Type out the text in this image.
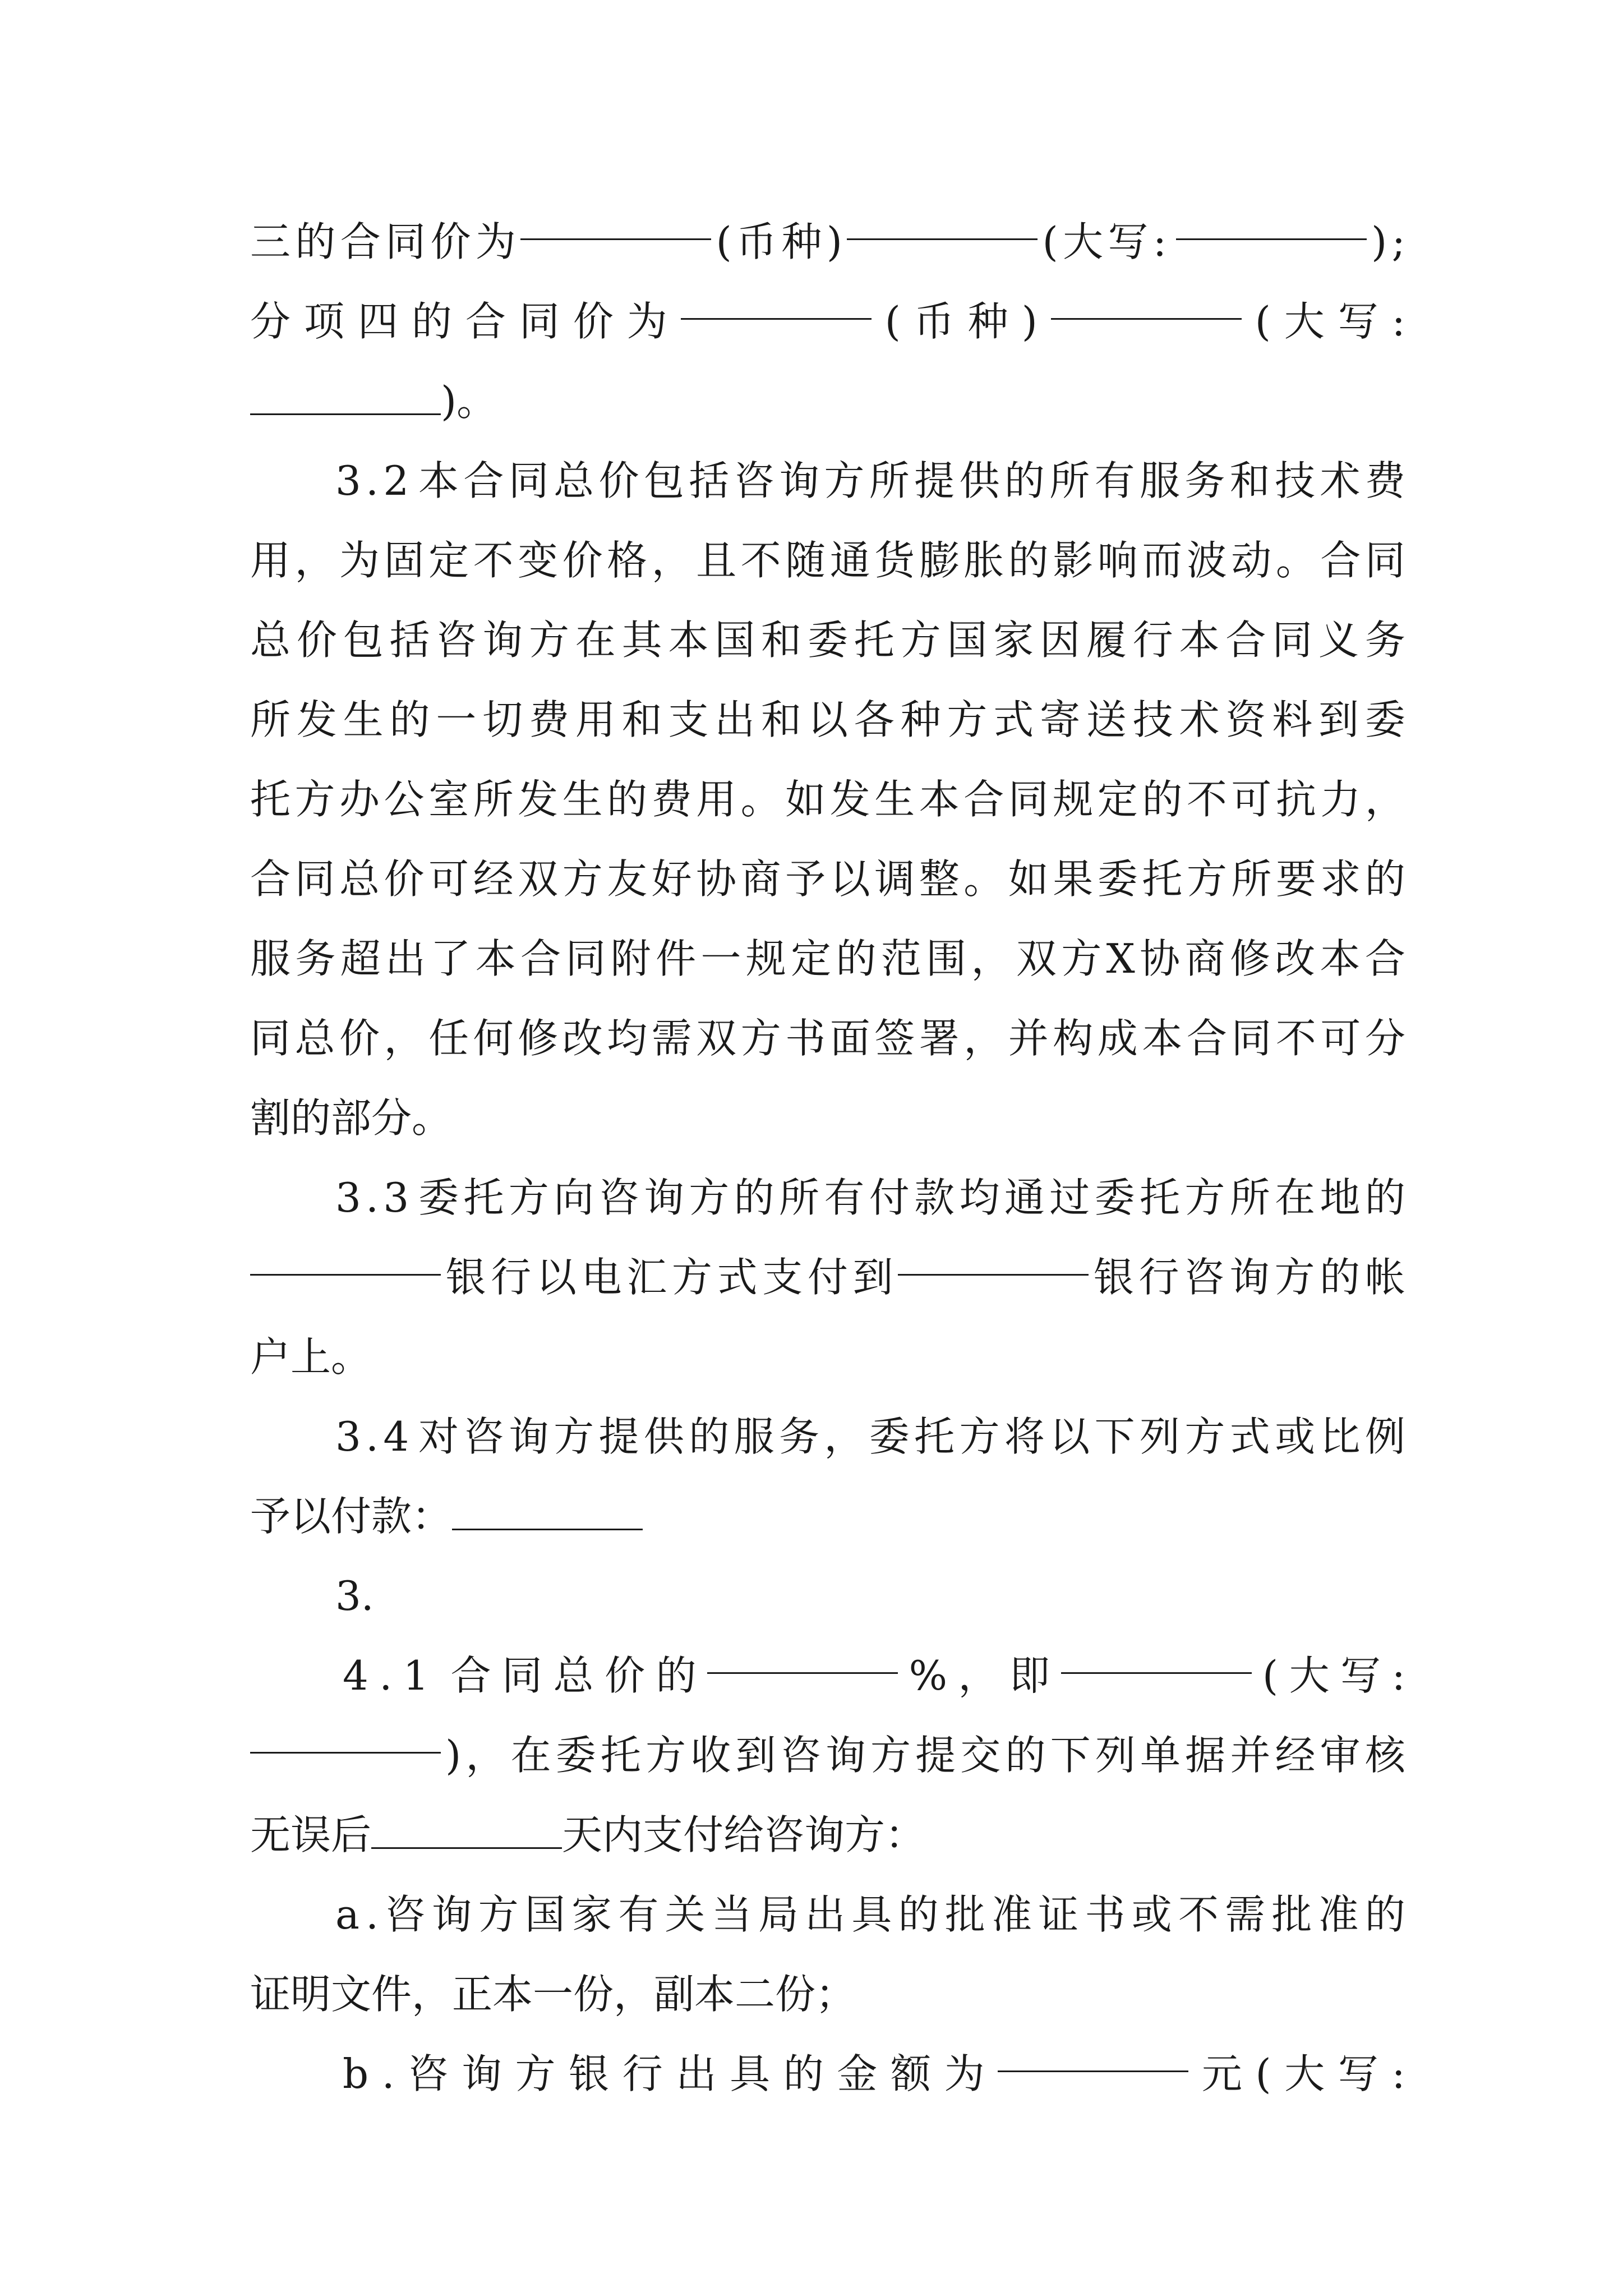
三 的 合 同 价 为	( 币 种 )	( 大 写 :	) ;
分 项 四 的 合 同 价 为	( 币 种 )	( 大 写 :
)。
3 . 2 本 合 同 总 价 包 括 咨 询 方 所 提 供 的 所 有 服 务 和 技 术 费
用 ， 为 固 定 不 变 价 格 ， 且 不 随 通 货 膨 胀 的 影 响 而 波 动 。 合 同
总 价 包 括 咨 询 方 在 其 本 国 和 委 托 方 国 家 因 履 行 本 合 同 义 务
所 发 生 的 一 切 费 用 和 支 出 和 以 各 种 方 式 寄 送 技 术 资 料 到 委
托 方 办 公 室 所 发 生 的 费 用 。 如 发 生 本 合 同 规 定 的 不 可 抗 力 ，
合 同 总 价 可 经 双 方 友 好 协 商 予 以 调 整 。 如 果 委 托 方 所 要 求 的
服 务 超 出 了 本 合 同 附 件 一 规 定 的 范 围 ， 双 方 X 协 商 修 改 本 合
同 总 价 ， 任 何 修 改 均 需 双 方 书 面 签 署 ， 并 构 成 本 合 同 不 可 分
割的部分。
3 . 3 委 托 方 向 咨 询 方 的 所 有 付 款 均 通 过 委 托 方 所 在 地 的
银 行 以 电 汇 方 式 支 付 到	银 行 咨 询 方 的 帐
户上。
3 . 4 对 咨 询 方 提 供 的 服 务 ， 委 托 方 将 以 下 列 方 式 或 比 例
予以付款：
3.
4 . 1 合 同 总 价 的	% ， 即	( 大 写 :
) ， 在 委 托 方 收 到 咨 询 方 提 交 的 下 列 单 据 并 经 审 核
无误后	天内支付给咨询方：
a . 咨 询 方 国 家 有 关 当 局 出 具 的 批 准 证 书 或 不 需 批 准 的
证明文件，正本一份，副本二份；
b . 咨 询 方 银 行 出 具 的 金 额 为	元 ( 大 写 :
